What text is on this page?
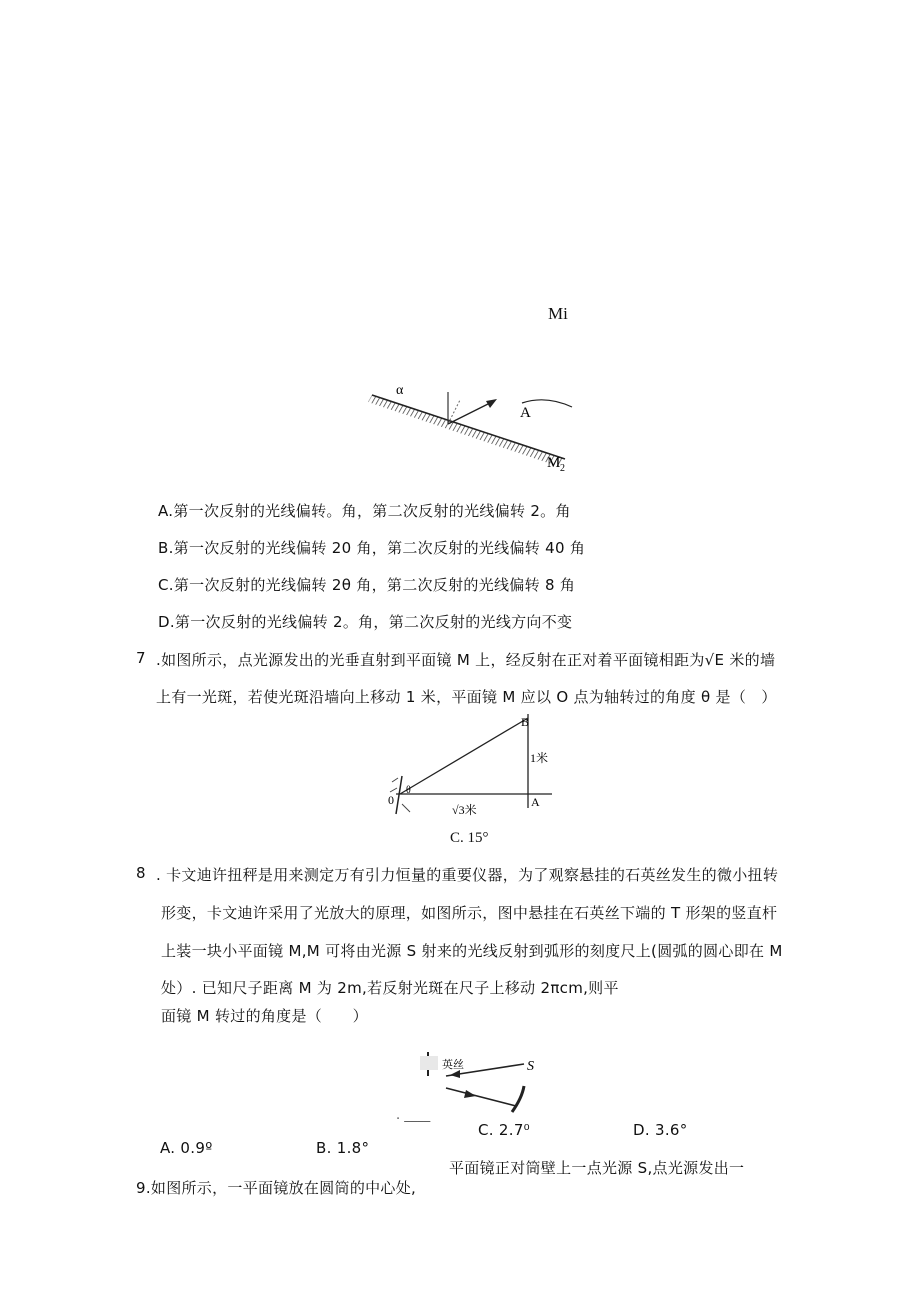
Mi
α
A
M 2
A.第一次反射的光线偏转。角，第二次反射的光线偏转 2。角
B.第一次反射的光线偏转 20 角，第二次反射的光线偏转 40 角
C.第一次反射的光线偏转 2θ 角，第二次反射的光线偏转 8 角
D.第一次反射的光线偏转 2。角，第二次反射的光线方向不变
7 .如图所示，点光源发出的光垂直射到平面镜 M 上，经反射在正对着平面镜相距为√E 米的墙
上有一光斑，若使光斑沿墙向上移动 1 米，平面镜 M 应以 O 点为轴转过的角度 θ 是（　）
B
1米
A
0
θ
√3米
C. 15°
8 . 卡文迪许扭秤是用来测定万有引力恒量的重要仪器，为了观察悬挂的石英丝发生的微小扭转
形变，卡文迪许采用了光放大的原理，如图所示，图中悬挂在石英丝下端的 T 形架的竖直杆
上装一块小平面镜 M,M 可将由光源 S 射来的光线反射到弧形的刻度尺上(圆弧的圆心即在 M
处）. 已知尺子距离 M 为 2m,若反射光斑在尺子上移动 2πcm,则平
面镜 M 转过的角度是（　　）
英丝	S
. ____
C. 2.7⁰	D. 3.6°
A. 0.9º	B. 1.8°
平面镜正对筒壁上一点光源 S,点光源发出一
9.如图所示，一平面镜放在圆筒的中心处,
